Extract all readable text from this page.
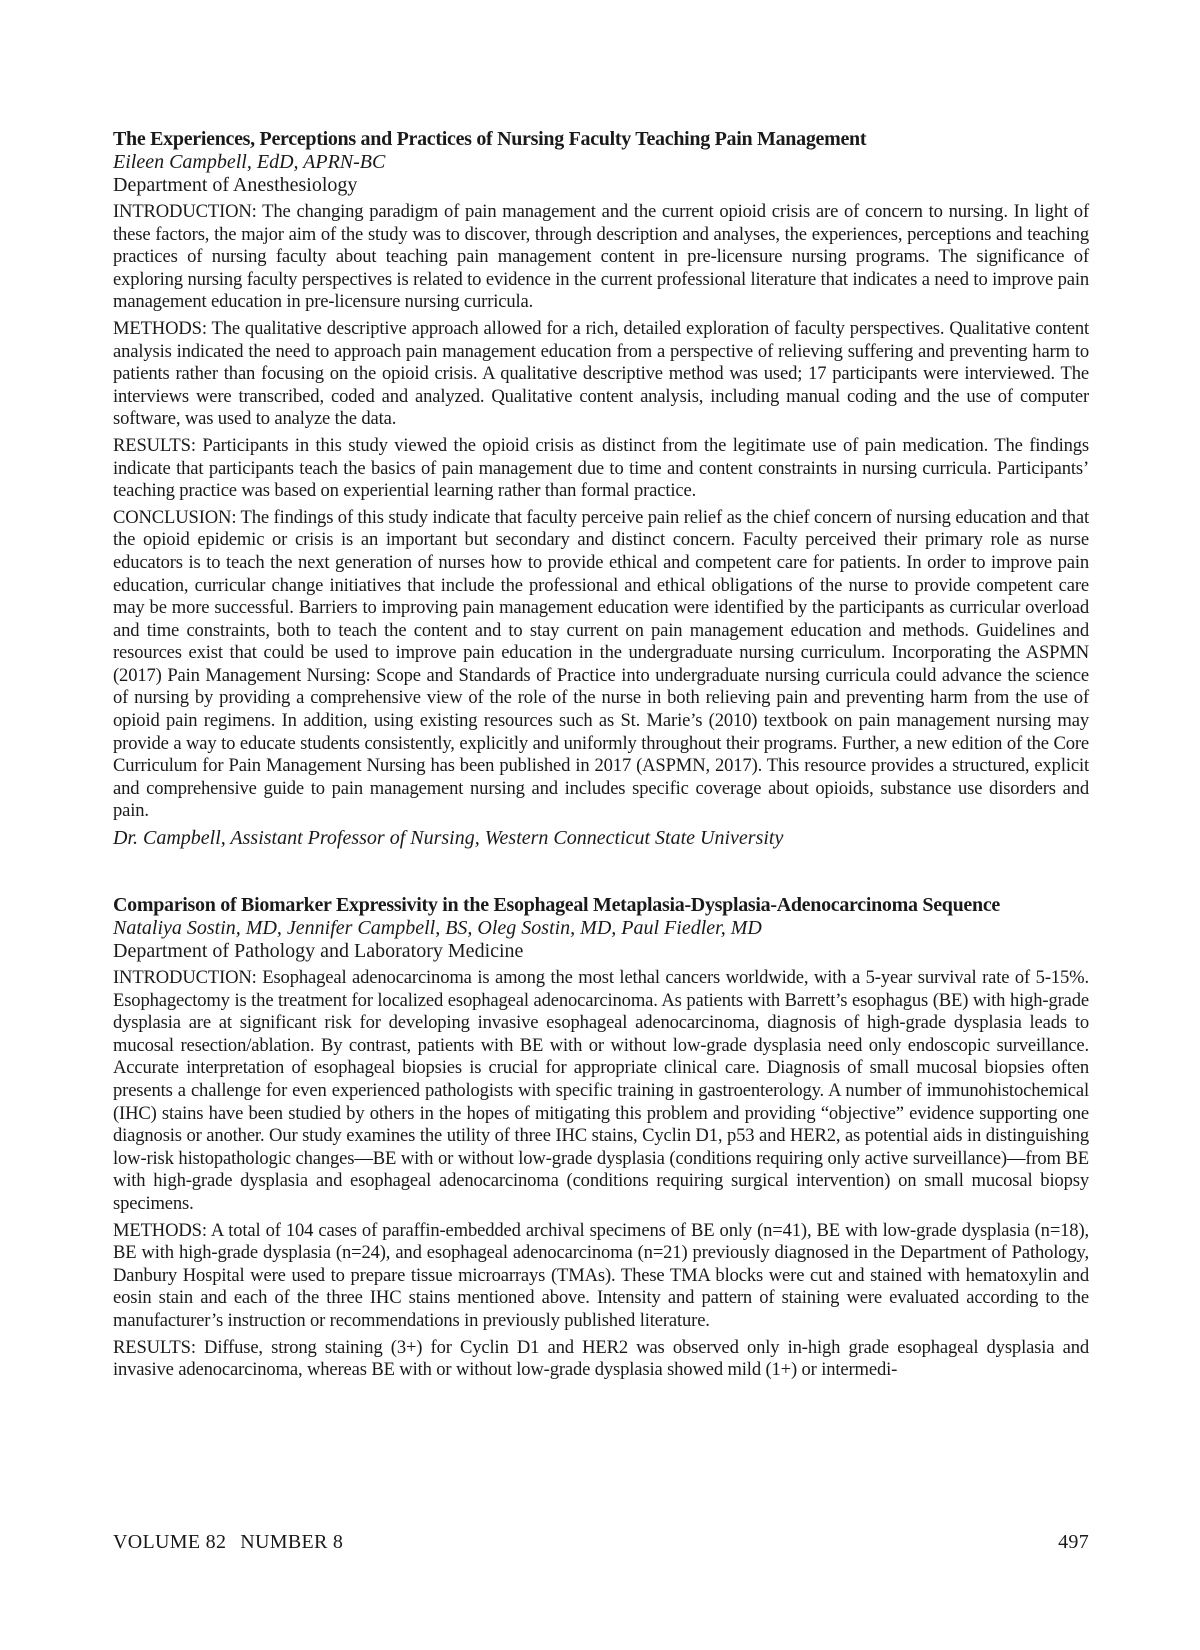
The Experiences, Perceptions and Practices of Nursing Faculty Teaching Pain Management
Eileen Campbell, EdD, APRN-BC
Department of Anesthesiology

INTRODUCTION: The changing paradigm of pain management and the current opioid crisis are of concern to nursing. In light of these factors, the major aim of the study was to discover, through description and analyses, the experiences, perceptions and teaching practices of nursing faculty about teaching pain management content in pre-licensure nursing programs. The significance of exploring nursing faculty perspectives is related to evidence in the current professional literature that indicates a need to improve pain management education in pre-licensure nursing curricula.

METHODS: The qualitative descriptive approach allowed for a rich, detailed exploration of faculty perspectives. Qualitative content analysis indicated the need to approach pain management education from a perspective of relieving suffering and preventing harm to patients rather than focusing on the opioid crisis. A qualitative descriptive method was used; 17 participants were interviewed. The interviews were transcribed, coded and analyzed. Qualitative content analysis, including manual coding and the use of computer software, was used to analyze the data.

RESULTS: Participants in this study viewed the opioid crisis as distinct from the legitimate use of pain medication. The findings indicate that participants teach the basics of pain management due to time and content constraints in nursing curricula. Participants’ teaching practice was based on experiential learning rather than formal practice.

CONCLUSION: The findings of this study indicate that faculty perceive pain relief as the chief concern of nursing education and that the opioid epidemic or crisis is an important but secondary and distinct concern. Faculty perceived their primary role as nurse educators is to teach the next generation of nurses how to provide ethical and competent care for patients. In order to improve pain education, curricular change initiatives that include the professional and ethical obligations of the nurse to provide competent care may be more successful. Barriers to improving pain management education were identified by the participants as curricular overload and time constraints, both to teach the content and to stay current on pain management education and methods. Guidelines and resources exist that could be used to improve pain education in the undergraduate nursing curriculum. Incorporating the ASPMN (2017) Pain Management Nursing: Scope and Standards of Practice into undergraduate nursing curricula could advance the science of nursing by providing a comprehensive view of the role of the nurse in both relieving pain and preventing harm from the use of opioid pain regimens. In addition, using existing resources such as St. Marie’s (2010) textbook on pain management nursing may provide a way to educate students consistently, explicitly and uniformly throughout their programs. Further, a new edition of the Core Curriculum for Pain Management Nursing has been published in 2017 (ASPMN, 2017). This resource provides a structured, explicit and comprehensive guide to pain management nursing and includes specific coverage about opioids, substance use disorders and pain.

Dr. Campbell, Assistant Professor of Nursing, Western Connecticut State University
Comparison of Biomarker Expressivity in the Esophageal Metaplasia-Dysplasia-Adenocarcinoma Sequence
Nataliya Sostin, MD, Jennifer Campbell, BS, Oleg Sostin, MD, Paul Fiedler, MD
Department of Pathology and Laboratory Medicine

INTRODUCTION: Esophageal adenocarcinoma is among the most lethal cancers worldwide, with a 5-year survival rate of 5-15%. Esophagectomy is the treatment for localized esophageal adenocarcinoma. As patients with Barrett’s esophagus (BE) with high-grade dysplasia are at significant risk for developing invasive esophageal adenocarcinoma, diagnosis of high-grade dysplasia leads to mucosal resection/ablation. By contrast, patients with BE with or without low-grade dysplasia need only endoscopic surveillance. Accurate interpretation of esophageal biopsies is crucial for appropriate clinical care. Diagnosis of small mucosal biopsies often presents a challenge for even experienced pathologists with specific training in gastroenterology. A number of immunohistochemical (IHC) stains have been studied by others in the hopes of mitigating this problem and providing “objective” evidence supporting one diagnosis or another. Our study examines the utility of three IHC stains, Cyclin D1, p53 and HER2, as potential aids in distinguishing low-risk histopathologic changes—BE with or without low-grade dysplasia (conditions requiring only active surveillance)—from BE with high-grade dysplasia and esophageal adenocarcinoma (conditions requiring surgical intervention) on small mucosal biopsy specimens.

METHODS: A total of 104 cases of paraffin-embedded archival specimens of BE only (n=41), BE with low-grade dysplasia (n=18), BE with high-grade dysplasia (n=24), and esophageal adenocarcinoma (n=21) previously diagnosed in the Department of Pathology, Danbury Hospital were used to prepare tissue microarrays (TMAs). These TMA blocks were cut and stained with hematoxylin and eosin stain and each of the three IHC stains mentioned above. Intensity and pattern of staining were evaluated according to the manufacturer’s instruction or recommendations in previously published literature.

RESULTS: Diffuse, strong staining (3+) for Cyclin D1 and HER2 was observed only in-high grade esophageal dysplasia and invasive adenocarcinoma, whereas BE with or without low-grade dysplasia showed mild (1+) or intermedi-

VOLUME 82 NUMBER 8	497
